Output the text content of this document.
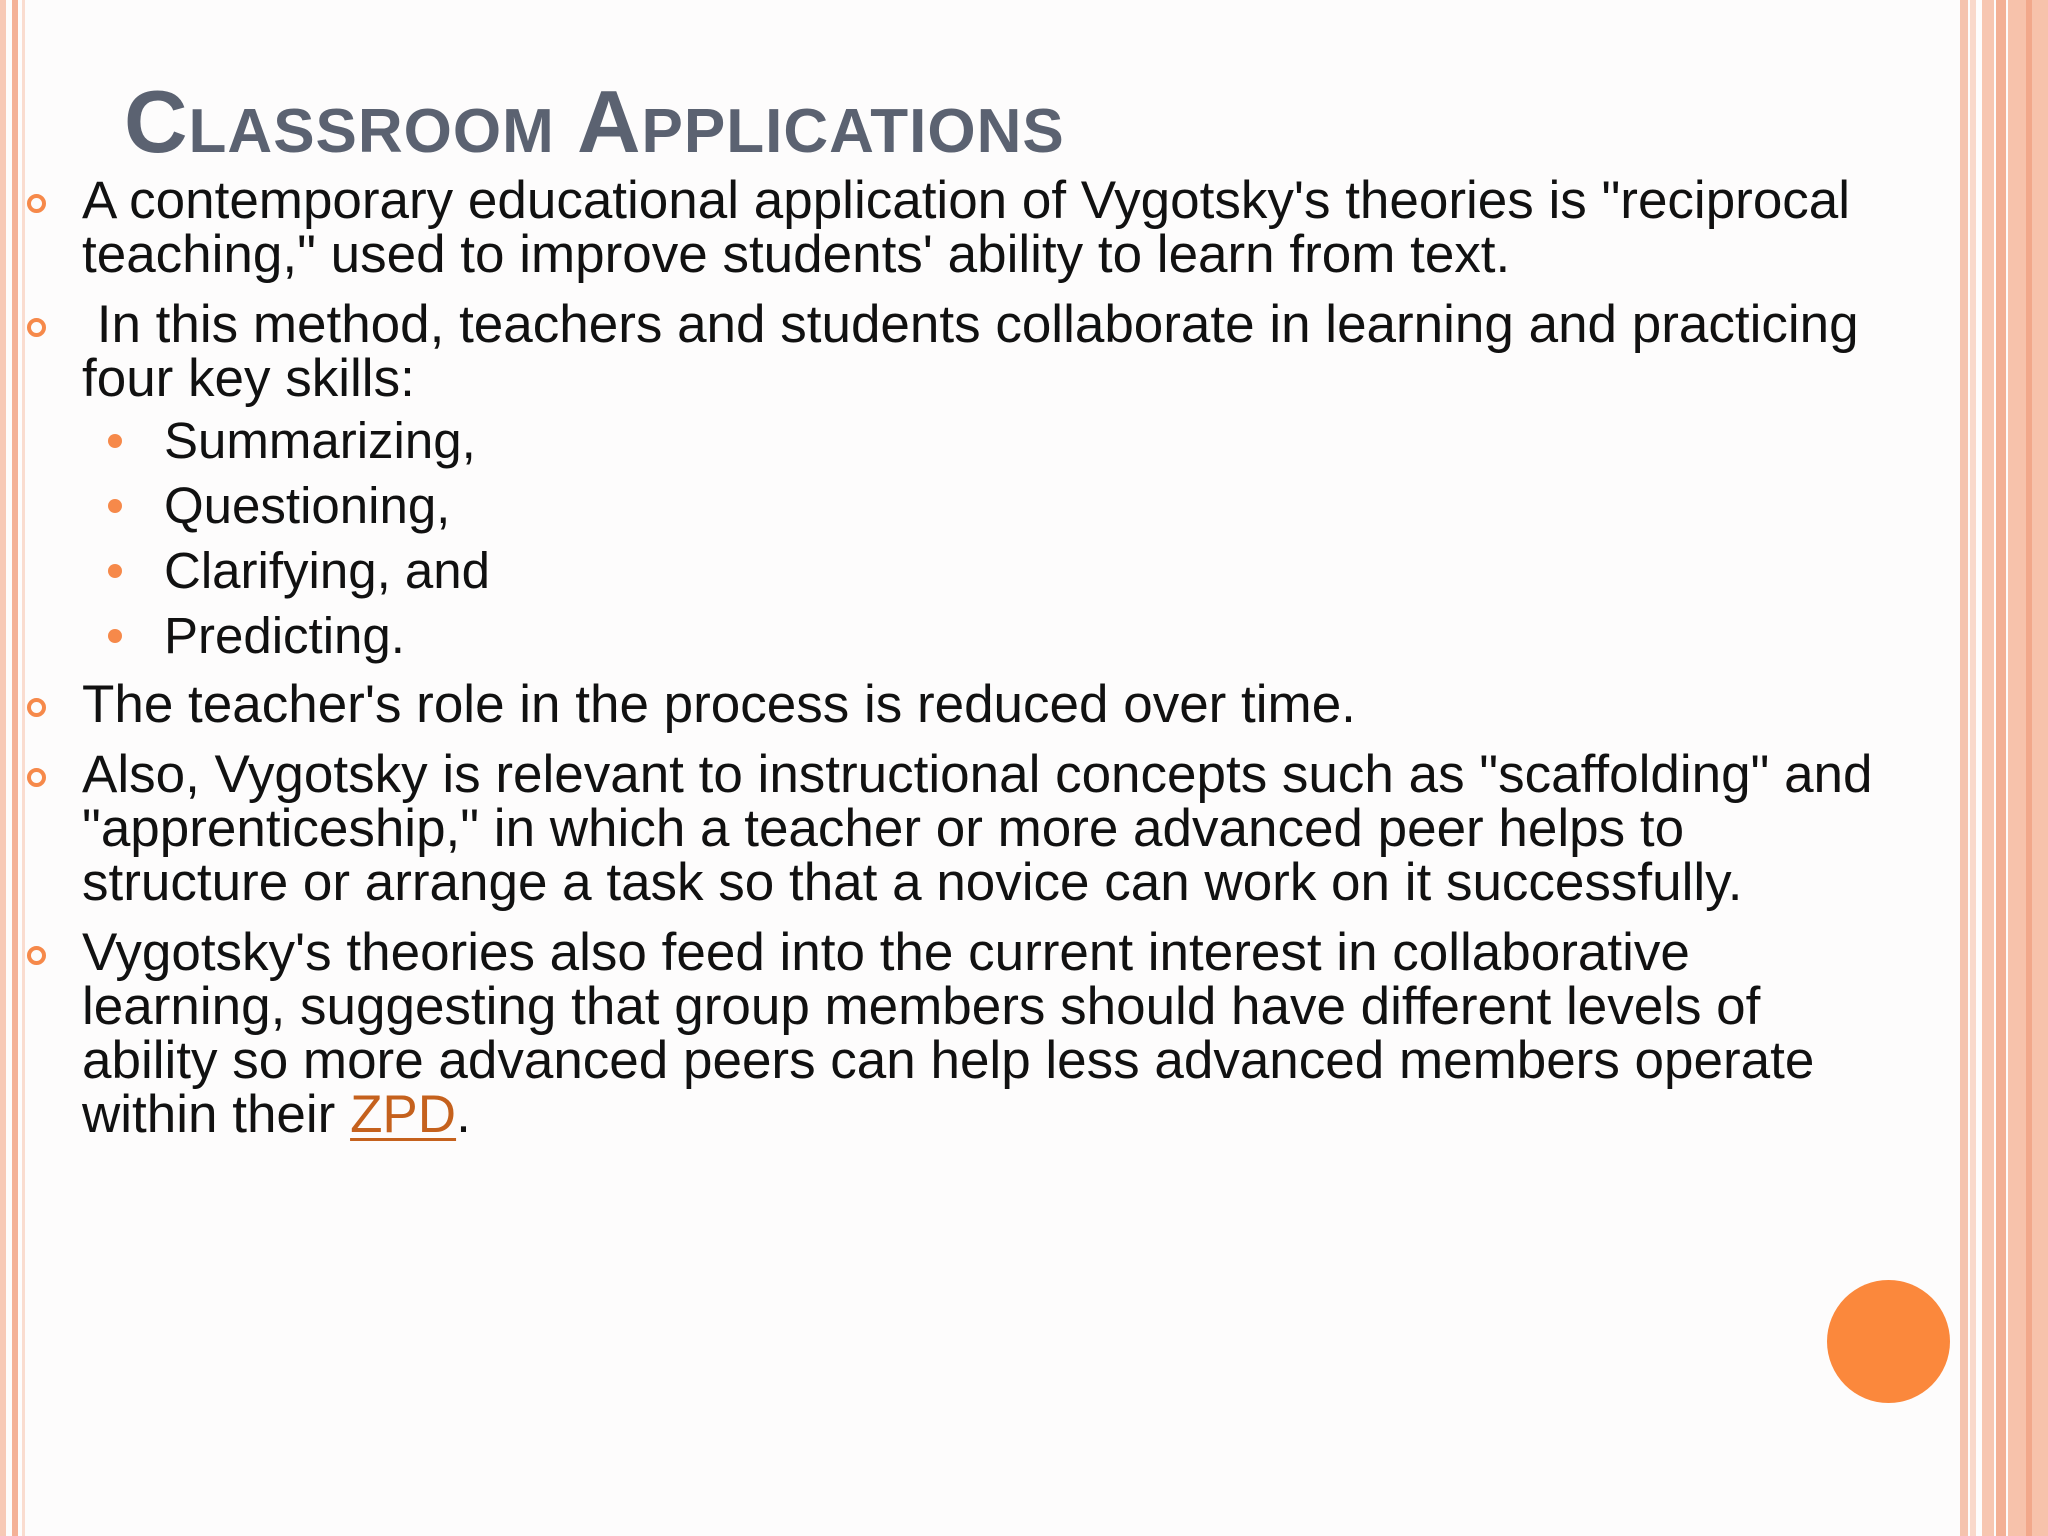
Classroom Applications
A contemporary educational application of Vygotsky's theories is "reciprocal
teaching," used to improve students' ability to learn from text.
In this method, teachers and students collaborate in learning and practicing
four key skills:
Summarizing,
Questioning,
Clarifying, and
Predicting.
The teacher's role in the process is reduced over time.
Also, Vygotsky is relevant to instructional concepts such as "scaffolding" and
"apprenticeship," in which a teacher or more advanced peer helps to
structure or arrange a task so that a novice can work on it successfully.
Vygotsky's theories also feed into the current interest in collaborative
learning, suggesting that group members should have different levels of
ability so more advanced peers can help less advanced members operate
within their ZPD.
